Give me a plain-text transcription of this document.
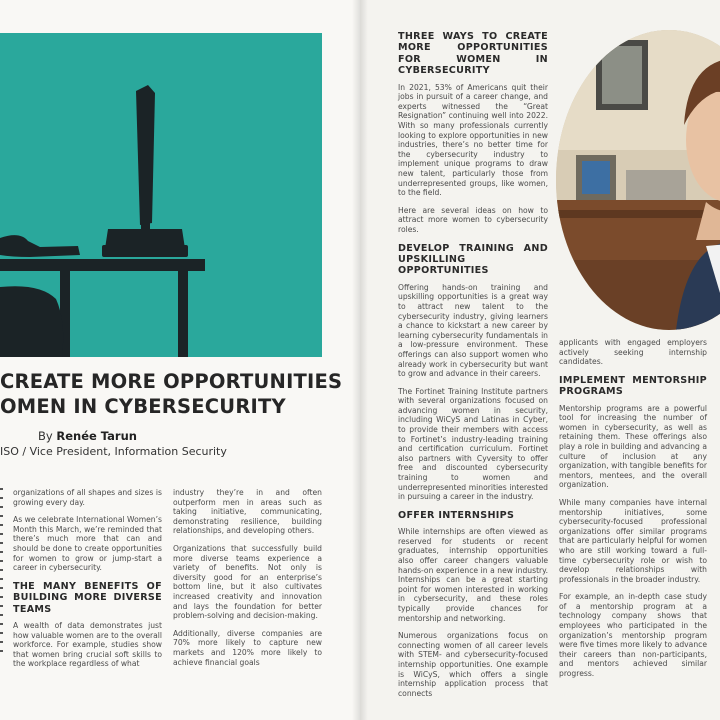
CREATE MORE OPPORTUNITIES
OMEN IN CYBERSECURITY
By Renée Tarun
ISO / Vice President, Information Security

organizations of all shapes and sizes is growing every day.

As we celebrate International Women’s Month this March, we’re reminded that there’s much more that can and should be done to create opportunities for women to grow or jump-start a career in cybersecurity.

THE MANY BENEFITS OF BUILDING MORE DIVERSE TEAMS

A wealth of data demonstrates just how valuable women are to the overall workforce. For example, studies show that women bring crucial soft skills to the workplace regardless of what

industry they’re in and often outperform men in areas such as taking initiative, communicating, demonstrating resilience, building relationships, and developing others.

Organizations that successfully build more diverse teams experience a variety of benefits. Not only is diversity good for an enterprise’s bottom line, but it also cultivates increased creativity and innovation and lays the foundation for better problem-solving and decision-making.

Additionally, diverse companies are 70% more likely to capture new markets and 120% more likely to achieve financial goals

THREE WAYS TO CREATE MORE OPPORTUNITIES FOR WOMEN IN CYBERSECURITY

In 2021, 53% of Americans quit their jobs in pursuit of a career change, and experts witnessed the “Great Resignation” continuing well into 2022. With so many professionals currently looking to explore opportunities in new industries, there’s no better time for the cybersecurity industry to implement unique programs to draw new talent, particularly those from underrepresented groups, like women, to the field.

Here are several ideas on how to attract more women to cybersecurity roles.

DEVELOP TRAINING AND UPSKILLING OPPORTUNITIES

Offering hands-on training and upskilling opportunities is a great way to attract new talent to the cybersecurity industry, giving learners a chance to kickstart a new career by learning cybersecurity fundamentals in a low-pressure environment. These offerings can also support women who already work in cybersecurity but want to grow and advance in their careers.

The Fortinet Training Institute partners with several organizations focused on advancing women in security, including WiCyS and Latinas in Cyber, to provide their members with access to Fortinet’s industry-leading training and certification curriculum. Fortinet also partners with Cyversity to offer free and discounted cybersecurity training to women and underrepresented minorities interested in pursuing a career in the industry.

OFFER INTERNSHIPS

While internships are often viewed as reserved for students or recent graduates, internship opportunities also offer career changers valuable hands-on experience in a new industry. Internships can be a great starting point for women interested in working in cybersecurity, and these roles typically provide chances for mentorship and networking.

Numerous organizations focus on connecting women of all career levels with STEM- and cybersecurity-focused internship opportunities. One example is WiCyS, which offers a single internship application process that connects

applicants with engaged employers actively seeking internship candidates.

IMPLEMENT MENTORSHIP PROGRAMS

Mentorship programs are a powerful tool for increasing the number of women in cybersecurity, as well as retaining them. These offerings also play a role in building and advancing a culture of inclusion at any organization, with tangible benefits for mentors, mentees, and the overall organization.

While many companies have internal mentorship initiatives, some cybersecurity-focused professional organizations offer similar programs that are particularly helpful for women who are still working toward a full-time cybersecurity role or wish to develop relationships with professionals in the broader industry.

For example, an in-depth case study of a mentorship program at a technology company shows that employees who participated in the organization’s mentorship program were five times more likely to advance their careers than non-participants, and mentors achieved similar progress.
